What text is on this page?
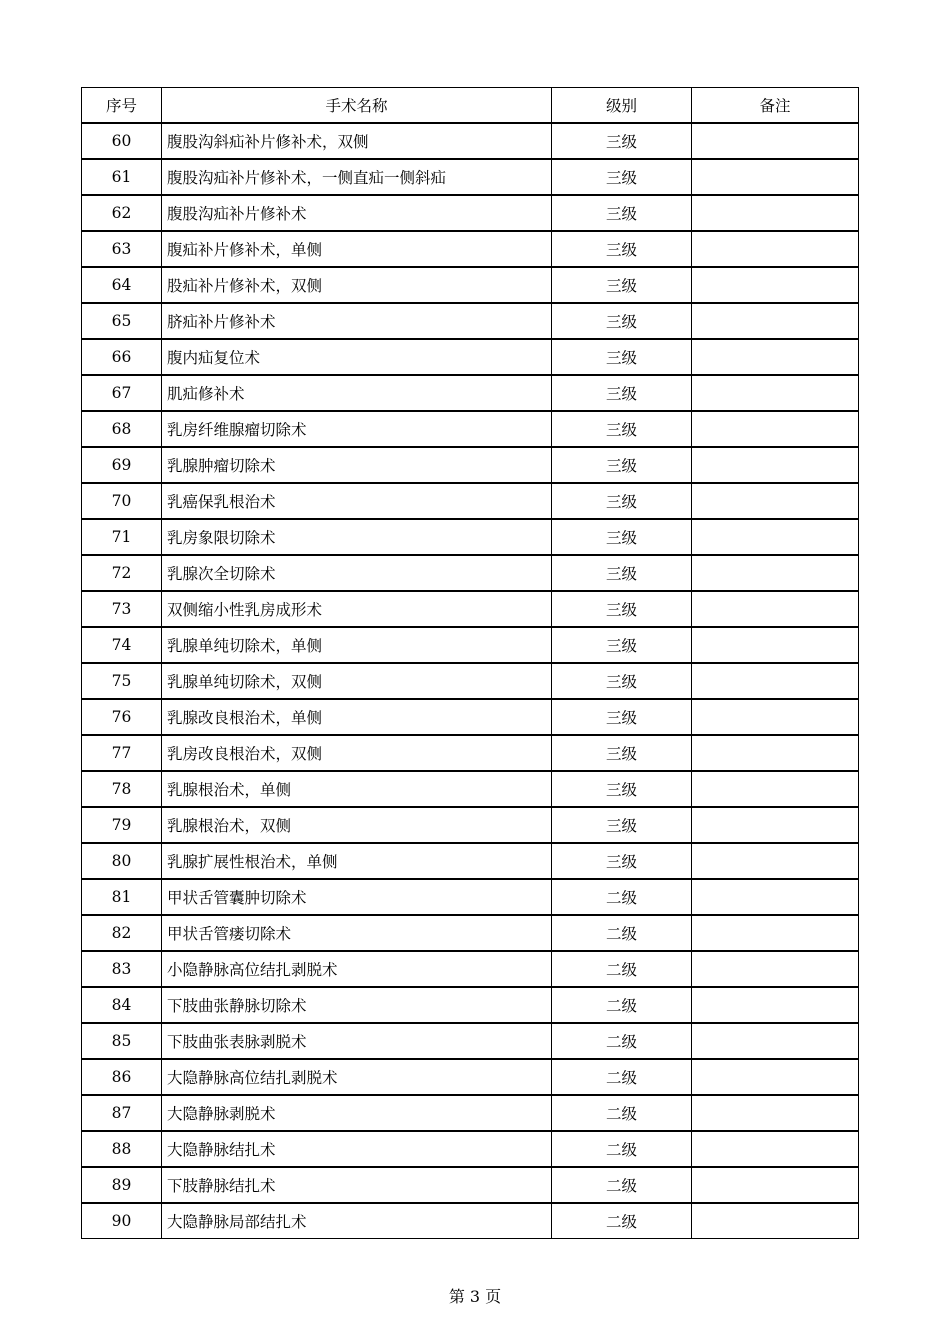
序号	手术名称	级别	备注
60	腹股沟斜疝补片修补术，双侧	三级	
61	腹股沟疝补片修补术，一侧直疝一侧斜疝	三级	
62	腹股沟疝补片修补术	三级	
63	腹疝补片修补术，单侧	三级	
64	股疝补片修补术，双侧	三级	
65	脐疝补片修补术	三级	
66	腹内疝复位术	三级	
67	肌疝修补术	三级	
68	乳房纤维腺瘤切除术	三级	
69	乳腺肿瘤切除术	三级	
70	乳癌保乳根治术	三级	
71	乳房象限切除术	三级	
72	乳腺次全切除术	三级	
73	双侧缩小性乳房成形术	三级	
74	乳腺单纯切除术，单侧	三级	
75	乳腺单纯切除术，双侧	三级	
76	乳腺改良根治术，单侧	三级	
77	乳房改良根治术，双侧	三级	
78	乳腺根治术，单侧	三级	
79	乳腺根治术，双侧	三级	
80	乳腺扩展性根治术，单侧	三级	
81	甲状舌管囊肿切除术	二级	
82	甲状舌管瘘切除术	二级	
83	小隐静脉高位结扎剥脱术	二级	
84	下肢曲张静脉切除术	二级	
85	下肢曲张表脉剥脱术	二级	
86	大隐静脉高位结扎剥脱术	二级	
87	大隐静脉剥脱术	二级	
88	大隐静脉结扎术	二级	
89	下肢静脉结扎术	二级	
90	大隐静脉局部结扎术	二级	
第 3 页
